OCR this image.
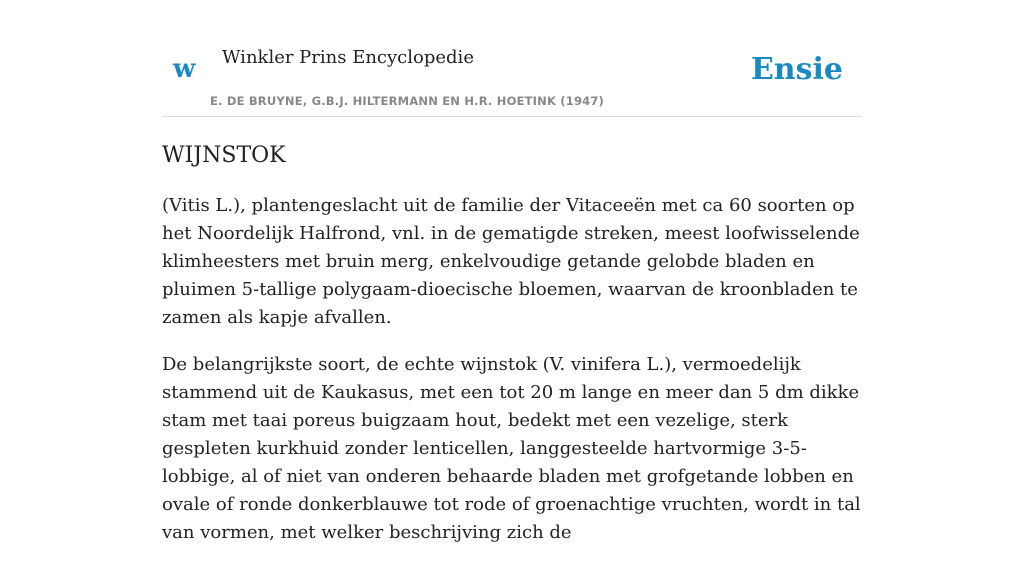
w Winkler Prins Encyclopedie
E. DE BRUYNE, G.B.J. HILTERMANN EN H.R. HOETINK (1947)
Ensie
WIJNSTOK

(Vitis L.), plantengeslacht uit de familie der Vitaceeën met ca 60 soorten op het Noordelijk Halfrond, vnl. in de gematigde streken, meest loofwisselende klimheesters met bruin merg, enkelvoudige getande gelobde bladen en pluimen 5-tallige polygaam-dioecische bloemen, waarvan de kroonbladen te zamen als kapje afvallen.

De belangrijkste soort, de echte wijnstok (V. vinifera L.), vermoedelijk stammend uit de Kaukasus, met een tot 20 m lange en meer dan 5 dm dikke stam met taai poreus buigzaam hout, bedekt met een vezelige, sterk gespleten kurkhuid zonder lenticellen, langgesteelde hartvormige 3-5-lobbige, al of niet van onderen behaarde bladen met grofgetande lobben en ovale of ronde donkerblauwe tot rode of groenachtige vruchten, wordt in tal van vormen, met welker beschrijving zich de
